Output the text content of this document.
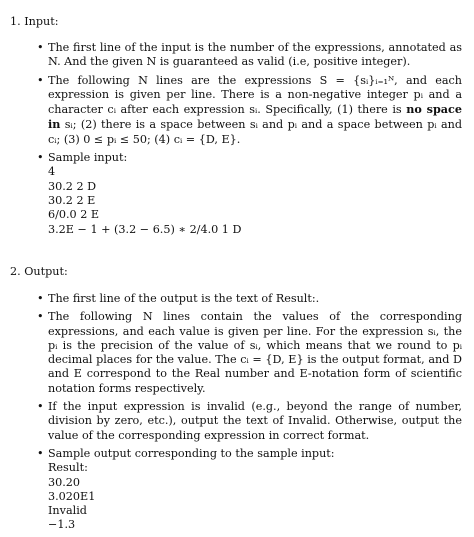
1. Input:
• The first line of the input is the number of the expressions, annotated as N. And the given N is guaranteed as valid (i.e, positive integer).
• The following N lines are the expressions S = {sᵢ}ᵢ₌₁ᴺ, and each expression is given per line. There is a non-negative integer pᵢ and a character cᵢ after each expression sᵢ. Specifically, (1) there is no space in sᵢ; (2) there is a space between sᵢ and pᵢ and a space between pᵢ and cᵢ; (3) 0 ≤ pᵢ ≤ 50; (4) cᵢ = {D, E}.
• Sample input:
4
30.2 2 D
30.2 2 E
6/0.0 2 E
3.2E − 1 + (3.2 − 6.5) ∗ 2/4.0 1 D
2. Output:
• The first line of the output is the text of Result:.
• The following N lines contain the values of the corresponding expressions, and each value is given per line. For the expression sᵢ, the pᵢ is the precision of the value of sᵢ, which means that we round to pᵢ decimal places for the value. The cᵢ = {D, E} is the output format, and D and E correspond to the Real number and E-notation form of scientific notation forms respectively.
• If the input expression is invalid (e.g., beyond the range of number, division by zero, etc.), output the text of Invalid. Otherwise, output the value of the corresponding expression in correct format.
• Sample output corresponding to the sample input:
Result:
30.20
3.020E1
Invalid
−1.3
